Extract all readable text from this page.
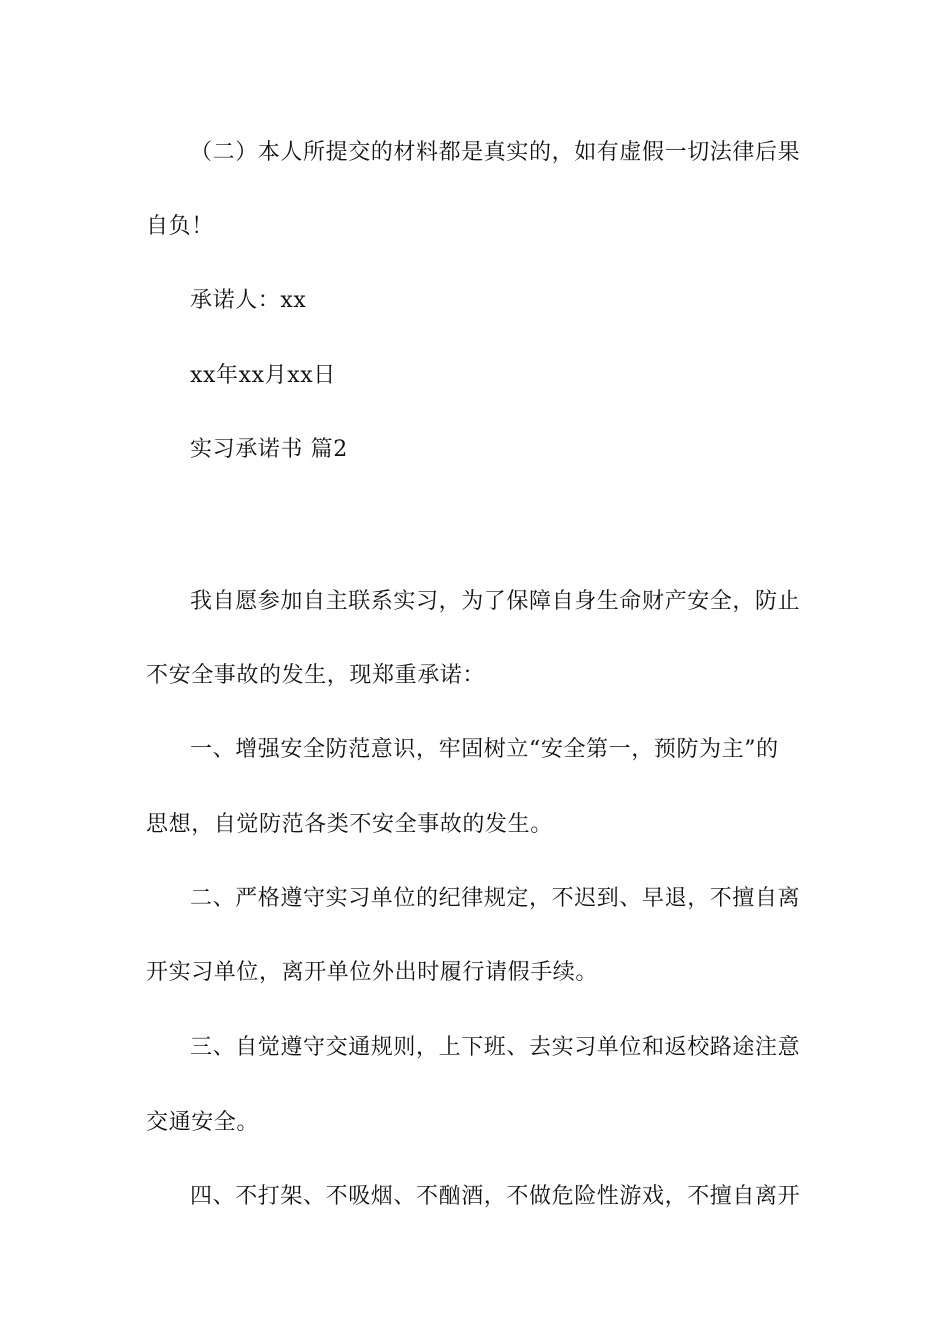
（二）本人所提交的材料都是真实的，如有虚假一切法律后果
自负！
承诺人：xx
xx年xx月xx日
实习承诺书 篇2
我自愿参加自主联系实习，为了保障自身生命财产安全，防止
不安全事故的发生，现郑重承诺：
一、增强安全防范意识，牢固树立“安全第一，预防为主”的
思想，自觉防范各类不安全事故的发生。
二、严格遵守实习单位的纪律规定，不迟到、早退，不擅自离
开实习单位，离开单位外出时履行请假手续。
三、自觉遵守交通规则，上下班、去实习单位和返校路途注意
交通安全。
四、不打架、不吸烟、不酗酒，不做危险性游戏，不擅自离开
